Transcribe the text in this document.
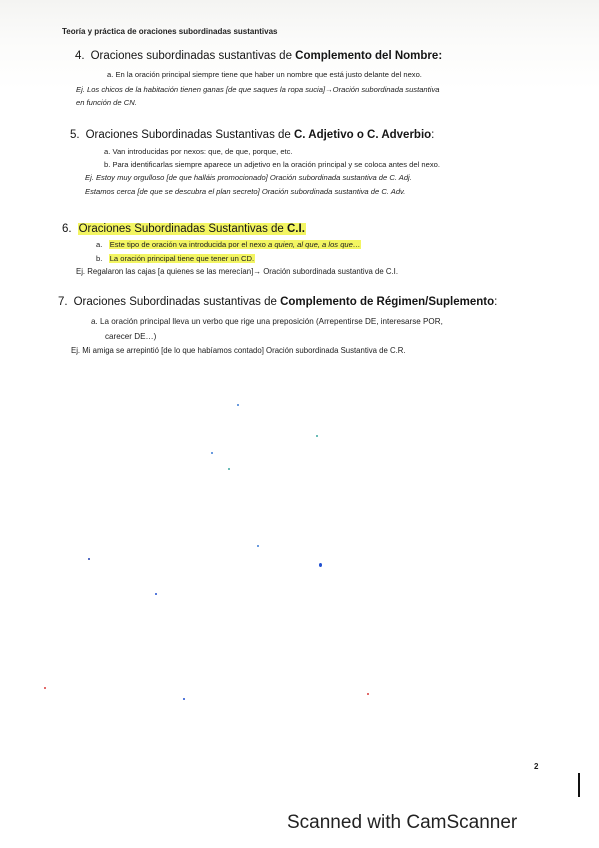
Teoría y práctica de oraciones subordinadas sustantivas
4. Oraciones subordinadas sustantivas de Complemento del Nombre:
a. En la oración principal siempre tiene que haber un nombre que está justo delante del nexo.
Ej. Los chicos de la habitación tienen ganas [de que saques la ropa sucia]→Oración subordinada sustantiva
en función de CN.
5. Oraciones Subordinadas Sustantivas de C. Adjetivo o C. Adverbio:
a. Van introducidas por nexos: que, de que, porque, etc.
b. Para identificarlas siempre aparece un adjetivo en la oración principal y se coloca antes del nexo.
Ej. Estoy muy orgulloso [de que halláis promocionado] Oración subordinada sustantiva de C. Adj.
Estamos cerca [de que se descubra el plan secreto] Oración subordinada sustantiva de C. Adv.
6. Oraciones Subordinadas Sustantivas de C.I.
a. Este tipo de oración va introducida por el nexo a quien, al que, a los que…
b. La oración principal tiene que tener un CD.
Ej. Regalaron las cajas [a quienes se las merecían]→ Oración subordinada sustantiva de C.I.
7. Oraciones Subordinadas sustantivas de Complemento de Régimen/Suplemento:
a. La oración principal lleva un verbo que rige una preposición (Arrepentirse DE, interesarse POR,
carecer DE…)
Ej. Mi amiga se arrepintió [de lo que habíamos contado] Oración subordinada Sustantiva de C.R.
2
Scanned with CamScanner
